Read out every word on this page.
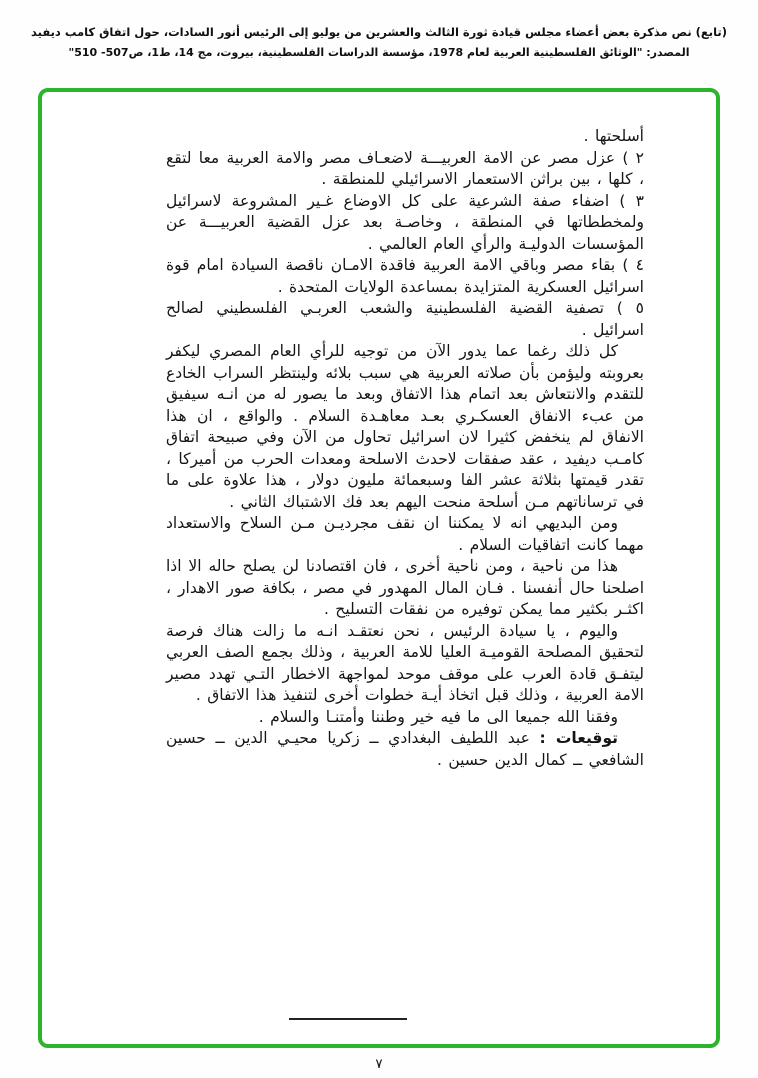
(تابع) نص مذكرة بعض أعضاء مجلس قيادة ثورة الثالث والعشرين من يوليو إلى الرئيس أنور السادات، حول اتفاق كامب ديفيد
المصدر: "الوثائق الفلسطينية العربية لعام 1978، مؤسسة الدراسات الفلسطينية، بيروت، مج 14، ط1، ص507- 510"

أسلحتها .

٢ ) عزل مصر عن الامة العربيـــة لاضعـاف مصر والامة العربية معا لتقع ، كلها ، بين براثن الاستعمار الاسرائيلي للمنطقة .

٣ ) اضفاء صفة الشرعية على كل الاوضاع غـير المشروعة لاسرائيل ولمخططاتها في المنطقة ، وخاصـة بعد عزل القضية العربيـــة عن المؤسسات الدوليـة والرأي العام العالمي .

٤ ) بقاء مصر وباقي الامة العربية فاقدة الامـان ناقصة السيادة امام قوة اسرائيل العسكرية المتزايدة بمساعدة الولايات المتحدة .

٥ ) تصفية القضية الفلسطينية والشعب العربـي الفلسطيني لصالح اسرائيل .

كل ذلك رغما عما يدور الآن من توجيه للرأي العام المصري ليكفر بعروبته وليؤمن بأن صلاته العربية هي سبب بلائه ولينتظر السراب الخادع للتقدم والانتعاش بعد اتمام هذا الاتفاق وبعد ما يصور له من انـه سيفيق من عبء الانفاق العسكـري بعـد معاهـدة السلام . والواقع ، ان هذا الانفاق لم ينخفض كثيرا لان اسرائيل تحاول من الآن وفي صبيحة اتفاق كامـب ديفيد ، عقد صفقات لاحدث الاسلحة ومعدات الحرب من أميركا ، تقدر قيمتها بثلاثة عشر الفا وسبعمائة مليون دولار ، هذا علاوة على ما في ترساناتهم مـن أسلحة منحت اليهم بعد فك الاشتباك الثاني .

ومن البديهي انه لا يمكننا ان نقف مجرديـن مـن السلاح والاستعداد مهما كانت اتفاقيات السلام .

هذا من ناحية ، ومن ناحية أخرى ، فان اقتصادنا لن يصلح حاله الا اذا اصلحنا حال أنفسنا . فـان المال المهدور في مصر ، بكافة صور الاهدار ، اكثـر بكثير مما يمكن توفيره من نفقات التسليح .

واليوم ، يا سيادة الرئيس ، نحن نعتقـد انـه ما زالت هناك فرصة لتحقيق المصلحة القوميـة العليا للامة العربية ، وذلك بجمع الصف العربي ليتفـق قادة العرب على موقف موحد لمواجهة الاخطار التـي تهدد مصير الامة العربية ، وذلك قبل اتخاذ أيـة خطوات أخرى لتنفيذ هذا الاتفاق .

وفقنا الله جميعا الى ما فيه خير وطننا وأمتنـا والسلام .

توقيعات : عبد اللطيف البغدادي ــ زكريا محيـي الدين ــ حسين الشافعي ــ كمال الدين حسين .

٧
